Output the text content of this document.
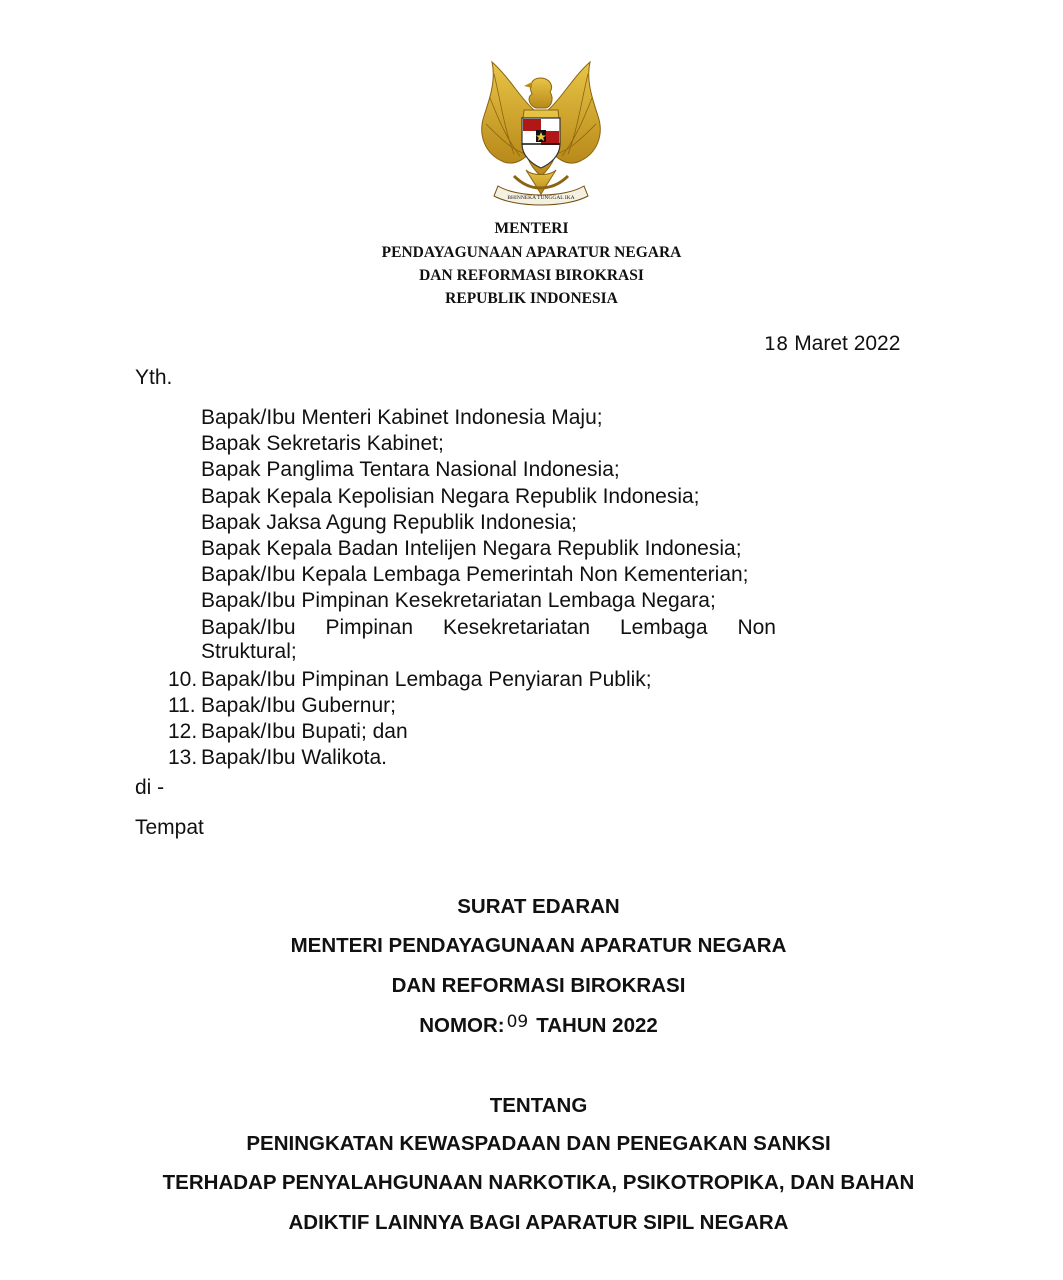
BHINNEKA TUNGGAL IKA
MENTERI
PENDAYAGUNAAN APARATUR NEGARA
DAN REFORMASI BIROKRASI
REPUBLIK INDONESIA
18 Maret 2022
Yth.
Bapak/Ibu Menteri Kabinet Indonesia Maju;
Bapak Sekretaris Kabinet;
Bapak Panglima Tentara Nasional Indonesia;
Bapak Kepala Kepolisian Negara Republik Indonesia;
Bapak Jaksa Agung Republik Indonesia;
Bapak Kepala Badan Intelijen Negara Republik Indonesia;
Bapak/Ibu Kepala Lembaga Pemerintah Non Kementerian;
Bapak/Ibu Pimpinan Kesekretariatan Lembaga Negara;
Bapak/Ibu Pimpinan Kesekretariatan Lembaga Non
Struktural;
10. Bapak/Ibu Pimpinan Lembaga Penyiaran Publik;
11. Bapak/Ibu Gubernur;
12. Bapak/Ibu Bupati; dan
13. Bapak/Ibu Walikota.
di -
Tempat
SURAT EDARAN
MENTERI PENDAYAGUNAAN APARATUR NEGARA
DAN REFORMASI BIROKRASI
NOMOR: $^{09}$ TAHUN 2022
TENTANG
PENINGKATAN KEWASPADAAN DAN PENEGAKAN SANKSI
TERHADAP PENYALAHGUNAAN NARKOTIKA, PSIKOTROPIKA, DAN BAHAN
ADIKTIF LAINNYA BAGI APARATUR SIPIL NEGARA
